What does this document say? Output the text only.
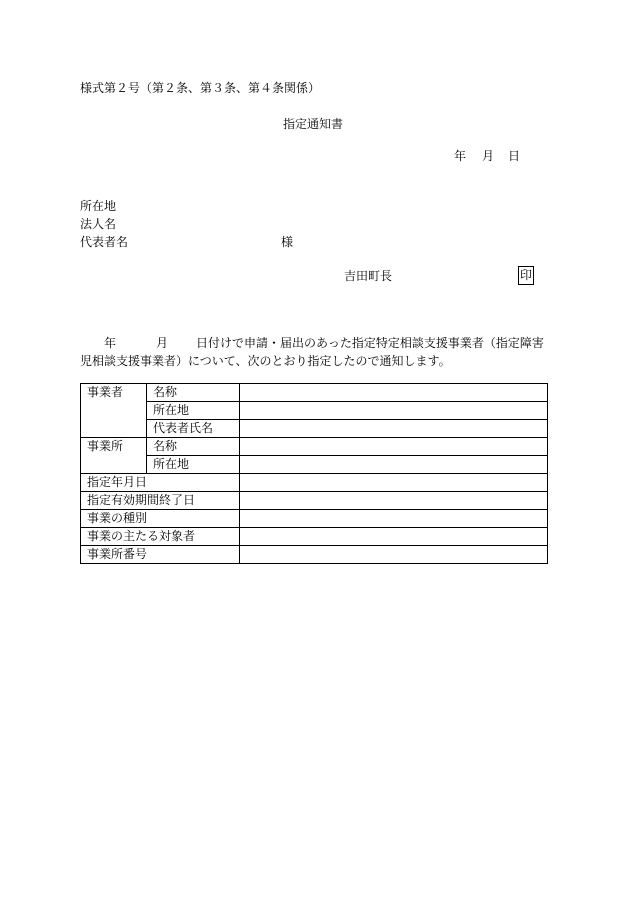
様式第２号（第２条、第３条、第４条関係）
指定通知書
年 月 日
所在地
法人名
代表者名	様
吉田町長	印
年	月 日付けで申請・届出のあった指定特定相談支援事業者（指定障害児相談支援事業者）について、次のとおり指定したので通知します。
事業者	名称	
	所在地	
	代表者氏名	
事業所	名称	
	所在地	
指定年月日		
指定有効期間終了日		
事業の種別		
事業の主たる対象者		
事業所番号		
